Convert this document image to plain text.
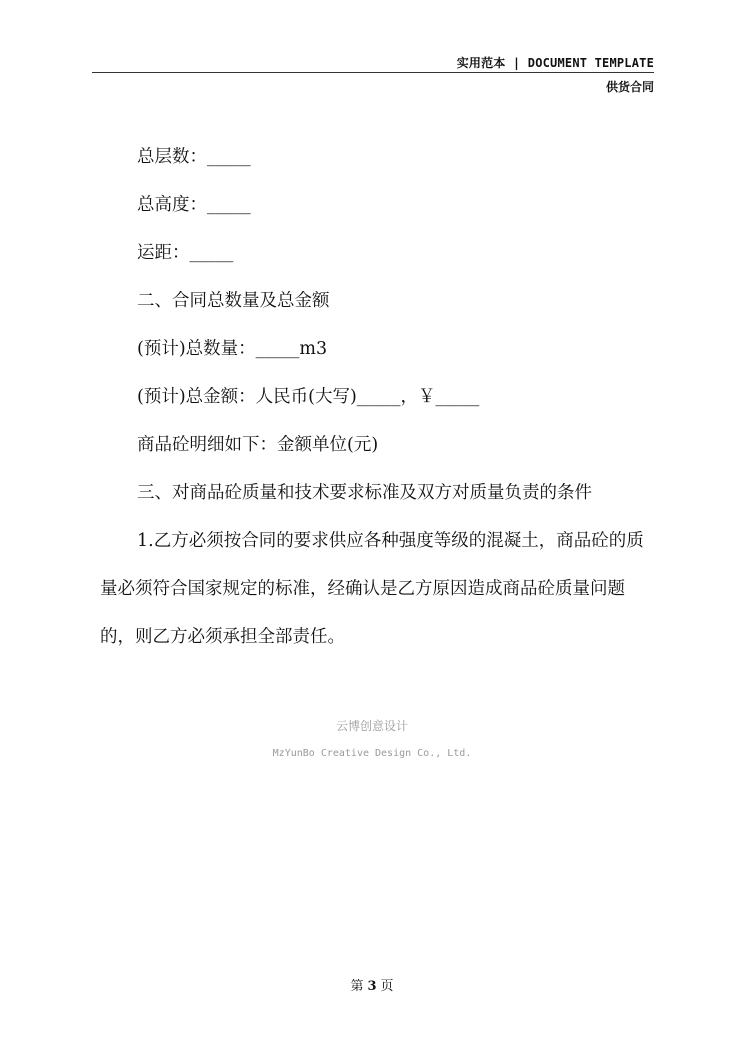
实用范本 | DOCUMENT TEMPLATE
供货合同
总层数：_____
总高度：_____
运距：_____
二、合同总数量及总金额
(预计)总数量：_____m3
(预计)总金额：人民币(大写)_____，￥_____
商品砼明细如下：金额单位(元)
三、对商品砼质量和技术要求标准及双方对质量负责的条件

1.乙方必须按合同的要求供应各种强度等级的混凝土，商品砼的质量必须符合国家规定的标准，经确认是乙方原因造成商品砼质量问题的，则乙方必须承担全部责任。

云博创意设计
MzYunBo Creative Design Co., Ltd.
第 3 页
